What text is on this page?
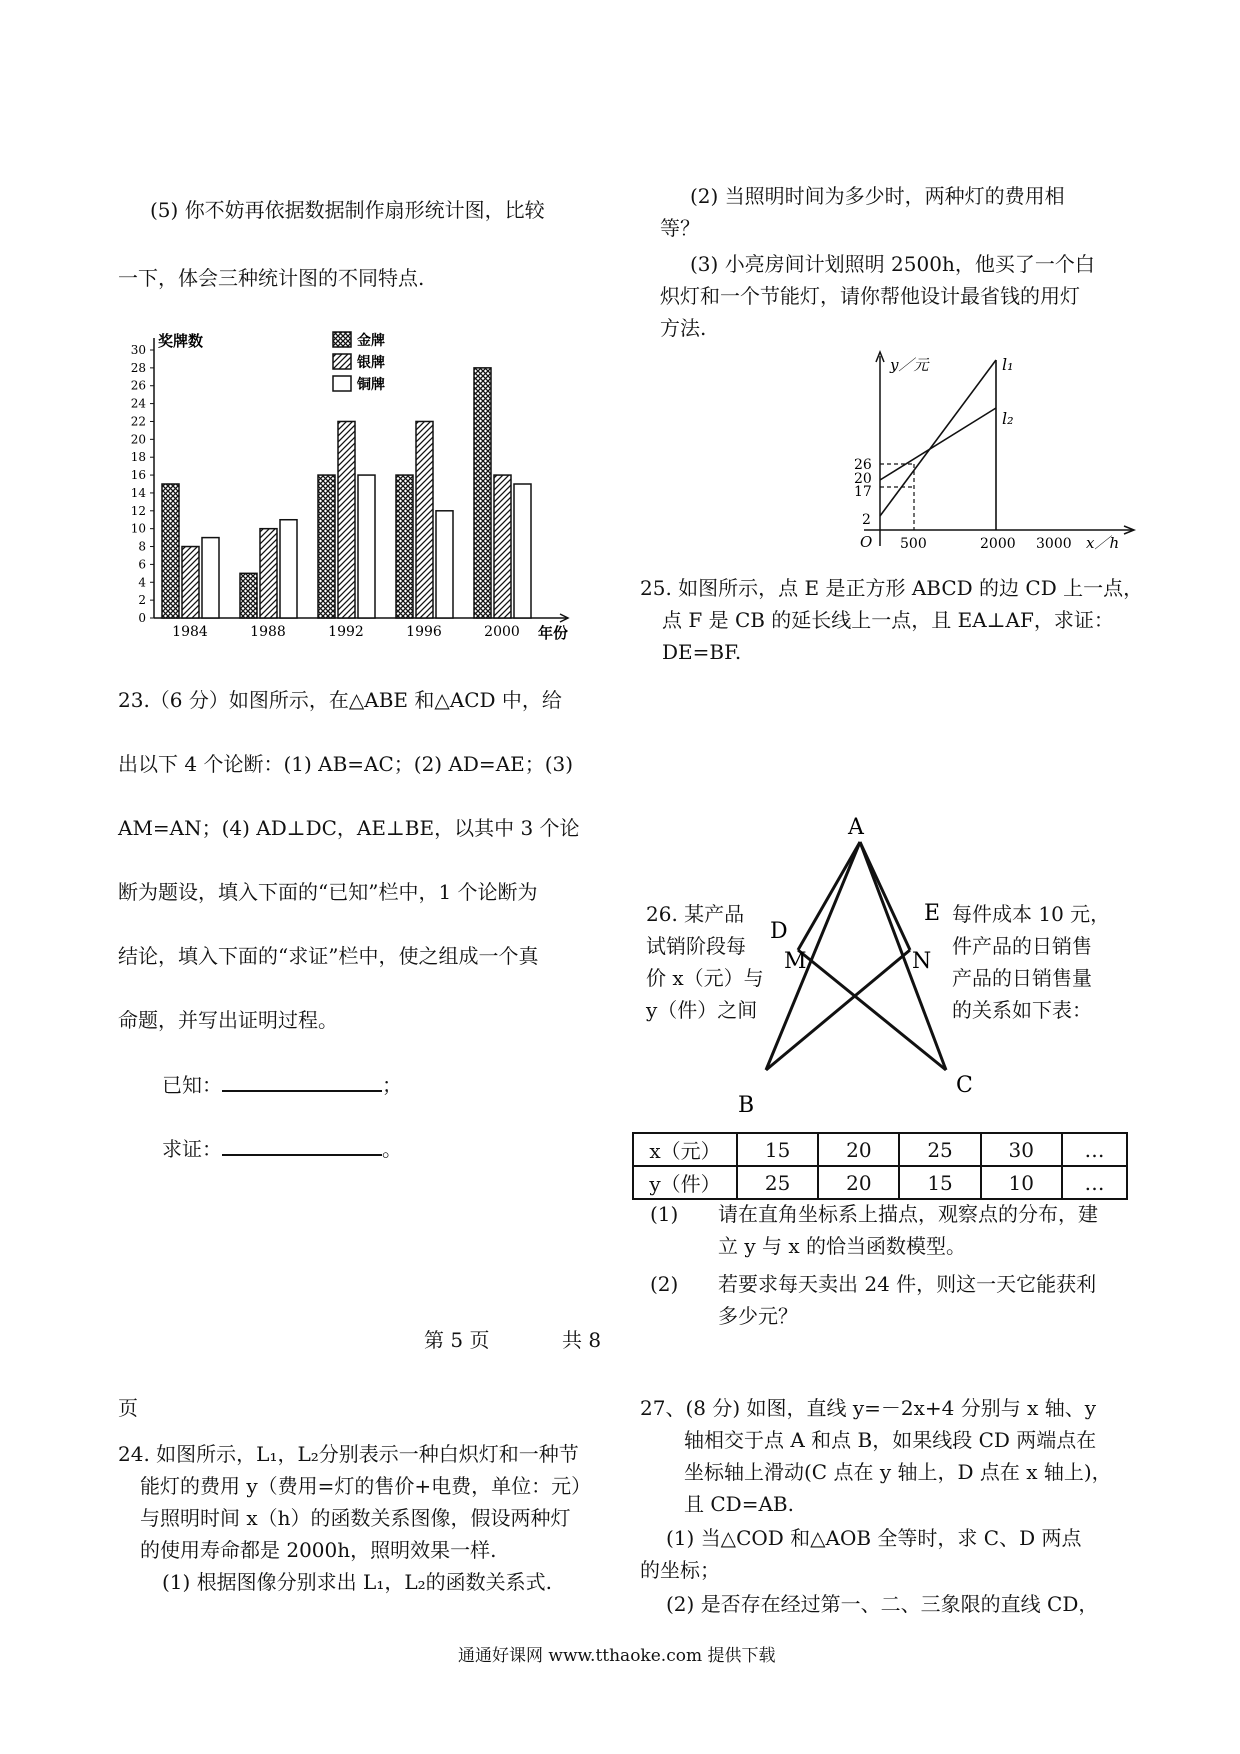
(5) 你不妨再依据数据制作扇形统计图，比较

一下，体会三种统计图的不同特点.

0
2
4
6
8
10
12
14
16
18
20
22
24
26
28
30 奖牌数
1984	1988	1992	1996	2000 年份
金牌
银牌
铜牌

23.（6 分）如图所示，在△ABE 和△ACD 中，给

出以下 4 个论断：(1) AB=AC；(2) AD=AE；(3)

AM=AN；(4) AD⊥DC，AE⊥BE，以其中 3 个论

断为题设，填入下面的“已知”栏中，1 个论断为

结论，填入下面的“求证”栏中，使之组成一个真

命题，并写出证明过程。

已知：	；
求证：	。

第 5 页	共 8

页

24. 如图所示，L₁，L₂分别表示一种白炽灯和一种节

能灯的费用 y（费用=灯的售价+电费，单位：元）

与照明时间 x（h）的函数关系图像，假设两种灯

的使用寿命都是 2000h，照明效果一样.

(1) 根据图像分别求出 L₁，L₂的函数关系式.

(2) 当照明时间为多少时，两种灯的费用相

等？

(3) 小亮房间计划照明 2500h，他买了一个白

炽灯和一个节能灯，请你帮他设计最省钱的用灯

方法.

y／元	l₁
l₂
26
20
17
2
O 500	2000 3000 x／h

25. 如图所示，点 E 是正方形 ABCD 的边 CD 上一点，

点 F 是 CB 的延长线上一点，且 EA⊥AF，求证：

DE=BF.

A
D
E
M	N
B
C

26. 某产品

试销阶段每

价 x（元）与

y（件）之间

每件成本 10 元，

件产品的日销售

产品的日销售量

的关系如下表：

x（元）	15	20	25	30	…
y（件）	25	20	15	10	…

(1) 请在直角坐标系上描点，观察点的分布，建

立 y 与 x 的恰当函数模型。

(2) 若要求每天卖出 24 件，则这一天它能获利

多少元？

27、(8 分) 如图，直线 y=－2x+4 分别与 x 轴、y

轴相交于点 A 和点 B，如果线段 CD 两端点在

坐标轴上滑动(C 点在 y 轴上，D 点在 x 轴上)，

且 CD=AB.

(1) 当△COD 和△AOB 全等时，求 C、D 两点

的坐标；

(2) 是否存在经过第一、二、三象限的直线 CD，

通通好课网 www.tthaoke.com 提供下载
